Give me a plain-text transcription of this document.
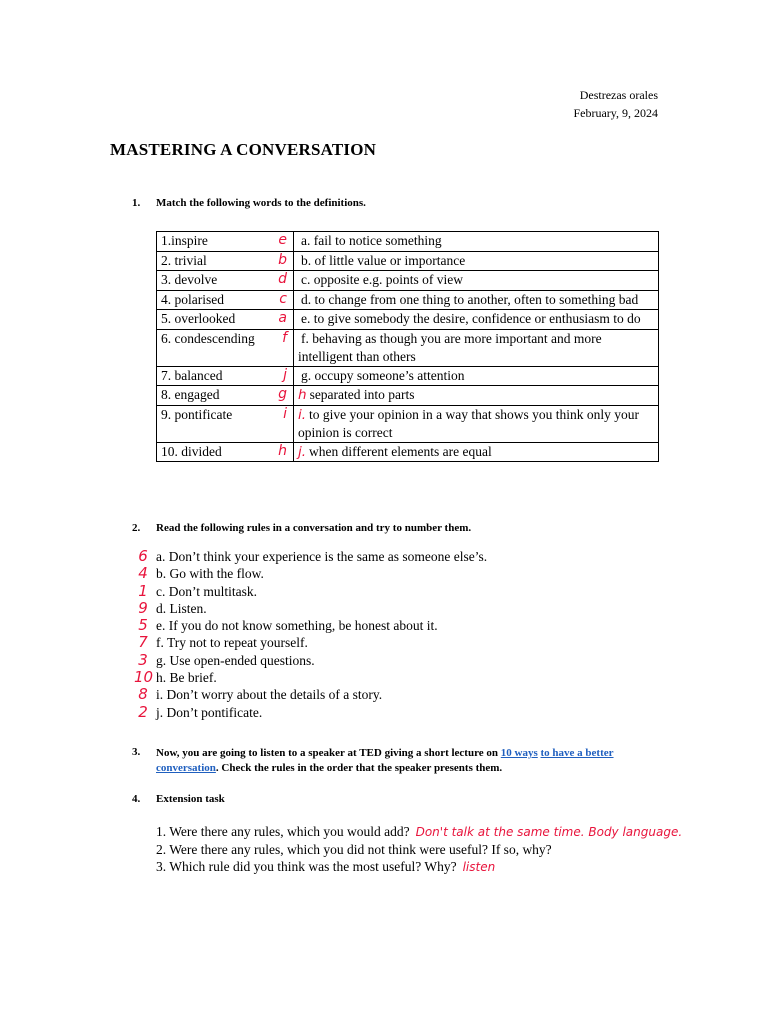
Destrezas orales
February, 9, 2024
MASTERING A CONVERSATION
1. Match the following words to the definitions.
1.inspire e	a. fail to notice something
2. trivial b	b. of little value or importance
3. devolve d	c. opposite e.g. points of view
4. polarised c	d. to change from one thing to another, often to something bad
5. overlooked a	e. to give somebody the desire, confidence or enthusiasm to do
6. condescending f	f. behaving as though you are more important and more intelligent than others
7. balanced j	g. occupy someone’s attention
8. engaged g	h separated into parts
9. pontificate i	i. to give your opinion in a way that shows you think only your opinion is correct
10. divided h	j. when different elements are equal
2. Read the following rules in a conversation and try to number them.
6 a. Don’t think your experience is the same as someone else’s.
4 b. Go with the flow.
1 c. Don’t multitask.
9 d. Listen.
5 e. If you do not know something, be honest about it.
7 f. Try not to repeat yourself.
3 g. Use open-ended questions.
10 h. Be brief.
8 i. Don’t worry about the details of a story.
2 j. Don’t pontificate.
3. Now, you are going to listen to a speaker at TED giving a short lecture on 10 ways to have a better conversation. Check the rules in the order that the speaker presents them.
4. Extension task
1. Were there any rules, which you would add? Don't talk at the same time. Body language.
2. Were there any rules, which you did not think were useful? If so, why?
3. Which rule did you think was the most useful? Why? listen
